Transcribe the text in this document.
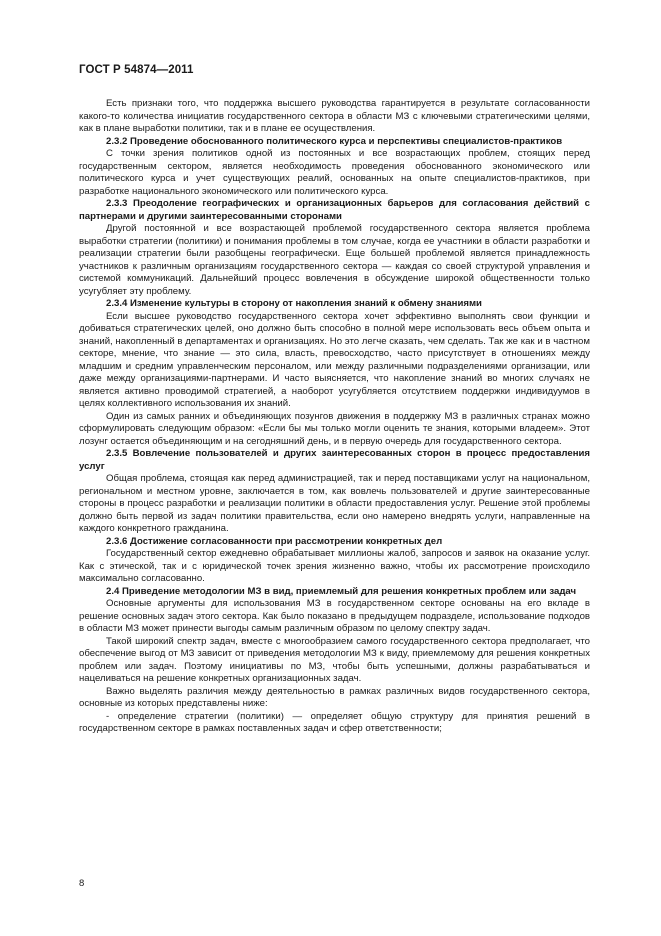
ГОСТ Р 54874—2011

Есть признаки того, что поддержка высшего руководства гарантируется в результате согласованности какого-то количества инициатив государственного сектора в области МЗ с ключевыми стратегическими целями, как в плане выработки политики, так и в плане ее осуществления.

2.3.2 Проведение обоснованного политического курса и перспективы специалистов-практиков

С точки зрения политиков одной из постоянных и все возрастающих проблем, стоящих перед государственным сектором, является необходимость проведения обоснованного экономического или политического курса и учет существующих реалий, основанных на опыте специалистов-практиков, при разработке национального экономического или политического курса.

2.3.3 Преодоление географических и организационных барьеров для согласования действий с партнерами и другими заинтересованными сторонами

Другой постоянной и все возрастающей проблемой государственного сектора является проблема выработки стратегии (политики) и понимания проблемы в том случае, когда ее участники в области разработки и реализации стратегии были разобщены географически. Еще большей проблемой является принадлежность участников к различным организациям государственного сектора — каждая со своей структурой управления и системой коммуникаций. Дальнейший процесс вовлечения в обсуждение широкой общественности только усугубляет эту проблему.

2.3.4 Изменение культуры в сторону от накопления знаний к обмену знаниями

Если высшее руководство государственного сектора хочет эффективно выполнять свои функции и добиваться стратегических целей, оно должно быть способно в полной мере использовать весь объем опыта и знаний, накопленный в департаментах и организациях. Но это легче сказать, чем сделать. Так же как и в частном секторе, мнение, что знание — это сила, власть, превосходство, часто присутствует в отношениях между младшим и средним управленческим персоналом, или между различными подразделениями организации, или даже между организациями-партнерами. И часто выясняется, что накопление знаний во многих случаях не является активно проводимой стратегией, а наоборот усугубляется отсутствием поддержки индивидуумов в целях коллективного использования их знаний.

Один из самых ранних и объединяющих позунгов движения в поддержку МЗ в различных странах можно сформулировать следующим образом: «Если бы мы только могли оценить те знания, которыми владеем». Этот лозунг остается объединяющим и на сегодняшний день, и в первую очередь для государственного сектора.

2.3.5 Вовлечение пользователей и других заинтересованных сторон в процесс предоставления услуг

Общая проблема, стоящая как перед администрацией, так и перед поставщиками услуг на национальном, региональном и местном уровне, заключается в том, как вовлечь пользователей и другие заинтересованные стороны в процесс разработки и реализации политики в области предоставления услуг. Решение этой проблемы должно быть первой из задач политики правительства, если оно намерено внедрять услуги, направленные на каждого конкретного гражданина.

2.3.6 Достижение согласованности при рассмотрении конкретных дел

Государственный сектор ежедневно обрабатывает миллионы жалоб, запросов и заявок на оказание услуг. Как с этической, так и с юридической точек зрения жизненно важно, чтобы их рассмотрение происходило максимально согласованно.

2.4 Приведение методологии МЗ в вид, приемлемый для решения конкретных проблем или задач

Основные аргументы для использования МЗ в государственном секторе основаны на его вкладе в решение основных задач этого сектора. Как было показано в предыдущем подразделе, использование подходов в области МЗ может принести выгоды самым различным образом по целому спектру задач.

Такой широкий спектр задач, вместе с многообразием самого государственного сектора предполагает, что обеспечение выгод от МЗ зависит от приведения методологии МЗ к виду, приемлемому для решения конкретных проблем или задач. Поэтому инициативы по МЗ, чтобы быть успешными, должны разрабатываться и нацеливаться на решение конкретных организационных задач.

Важно выделять различия между деятельностью в рамках различных видов государственного сектора, основные из которых представлены ниже:

- определение стратегии (политики) — определяет общую структуру для принятия решений в государственном секторе в рамках поставленных задач и сфер ответственности;

8
